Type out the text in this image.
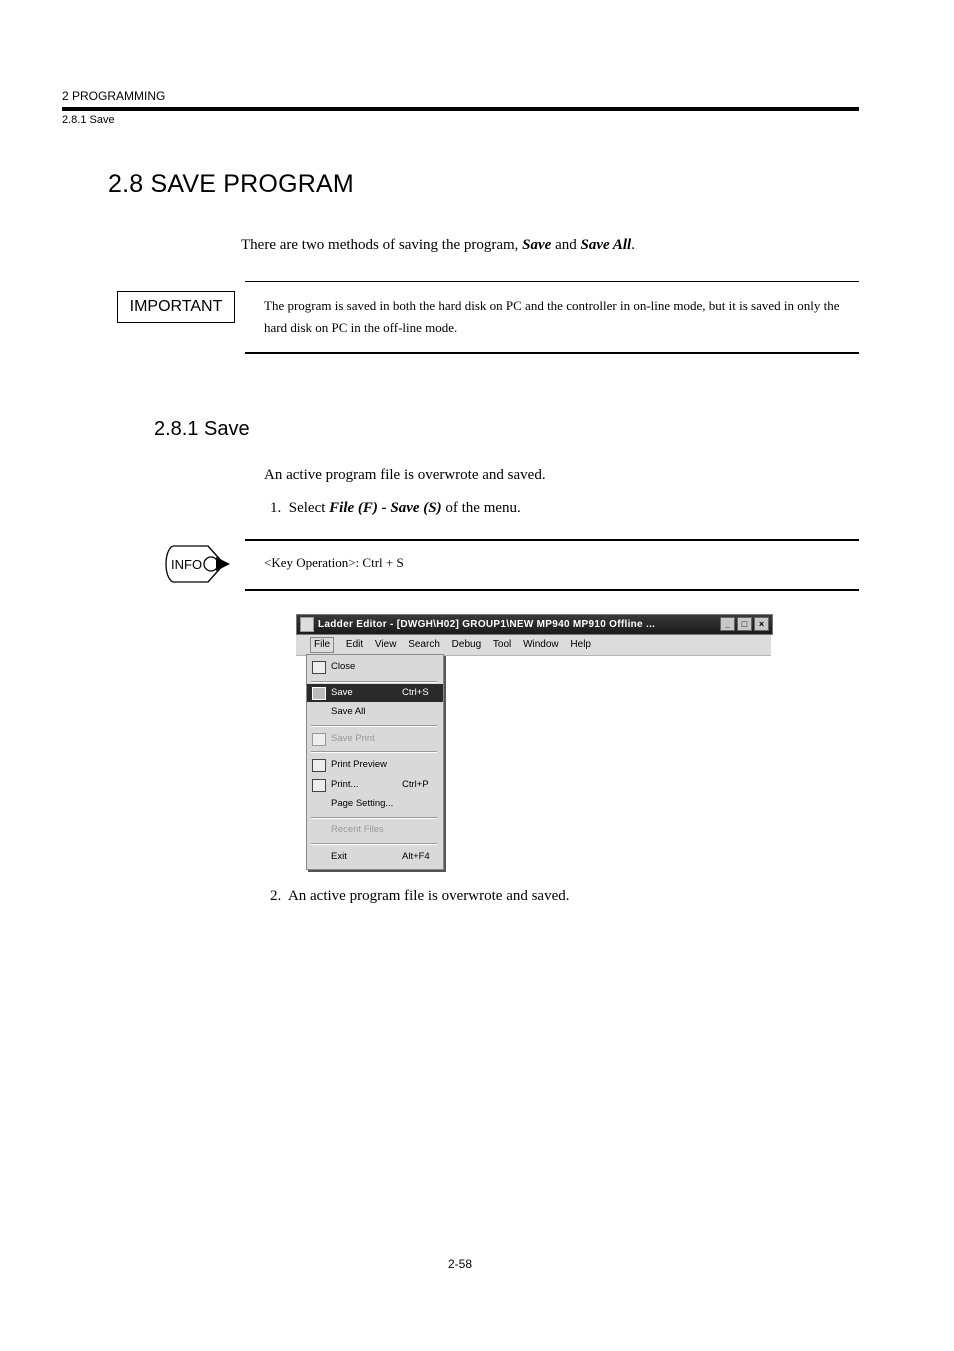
2 PROGRAMMING
2.8.1 Save
2.8 SAVE PROGRAM
There are two methods of saving the program, Save and Save All.
IMPORTANT	The program is saved in both the hard disk on PC and the controller in on-line mode, but it is saved in only the hard disk on PC in the off-line mode.
2.8.1 Save
An active program file is overwrote and saved.
1. Select File (F) - Save (S) of the menu.
INFO	<Key Operation>: Ctrl + S
Ladder Editor - [DWGH\H02] GROUP1\NEW MP940 MP910 Offline ...	_	□	×
File Edit View Search Debug Tool Window Help
Close
Save	Ctrl+S
Save All
Save Print
Print Preview
Print...	Ctrl+P
Page Setting...
Recent Files
Exit	Alt+F4
2. An active program file is overwrote and saved.
2-58
